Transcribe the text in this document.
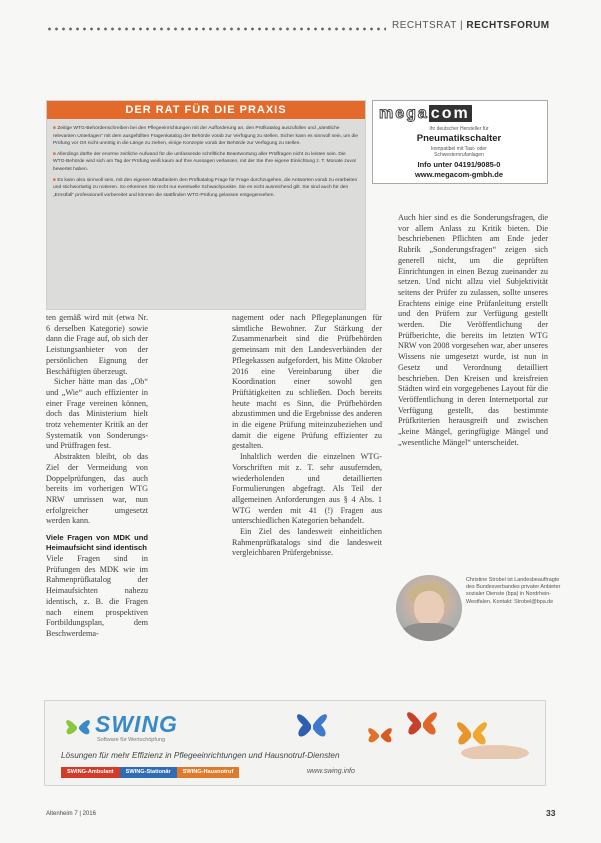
RECHTSRAT | RECHTSFORUM
DER RAT FÜR DIE PRAXIS

■ Zeitige WTG-Behördenschreiben bei den Pflegeeinrichtungen mit der Aufforderung an, den Prüfkatalog auszufüllen und „sämtliche relevanten Unterlagen“ mit dem ausgefüllten Fragenkatalog der Behörde vorab zur Verfügung zu stellen. Sicher kann es sinnvoll sein, um die Prüfung vor Ort nicht unnötig in die Länge zu ziehen, einige Konzepte vorab der Behörde zur Verfügung zu stellen.

■ Allerdings dürfte der enorme zeitliche Aufwand für die umfassende schriftliche Beantwortung aller Prüffragen nicht zu leisten sein. Die WTG-Behörde wird sich am Tag der Prüfung weiß kaum auf Ihre Aussagen verlassen, mit der Sie Ihre eigene Einrichtung z. T. Monate zuvor bewertet haben.

■ Es kann also sinnvoll sein, mit den eigenen Mitarbeitern den Prüfkatalog Frage für Frage durchzugehen, die Antworten vorab zu erarbeiten und stichwortartig zu notieren. So erkennen Sie recht nur eventuelle Schwachpunkte. Sie es nicht ausreichend gilt. Sie sind auch für den „Ernstfall“ professionell vorbereitet und können die stattfinden WTG-Prüfung gelassen entgegensehen.

mega com
Ihr deutscher Hersteller für
Pneumatikschalter
kompatibel mit Tast- oder
Schwesternrufanlagen
Info unter 04191/9085-0
www.megacom-gmbh.de

ten gemäß wird mit (etwa Nr. 6 derselben Kategorie) sowie dann die Frage auf, ob sich der Leistungsanbieter von der persönlichen Eignung der Beschäftigten überzeugt.

Sicher hätte man das „Ob“ und „Wie“ auch effizienter in einer Frage vereinen können, doch das Ministerium hielt trotz vehementer Kritik an der Systematik von Sonderungs- und Prüffragen fest.

Abstrakten bleibt, ob das Ziel der Vermeidung von Doppelprüfungen, das auch bereits im vorherigen WTG NRW umrissen war, nun erfolgreicher umgesetzt werden kann.

Viele Fragen von MDK und Heimaufsicht sind identisch

Viele Fragen sind in Prüfungen des MDK wie im Rahmenprüfkatalog der Heimaufsichten nahezu identisch, z. B. die Fragen nach einem prospektiven Fortbildungsplan, dem Beschwerdema-

nagement oder nach Pflegeplanungen für sämtliche Bewohner. Zur Stärkung der Zusammenarbeit sind die Prüfbehörden gemeinsam mit den Landesverbänden der Pflegekassen aufgefordert, bis Mitte Oktober 2016 eine Vereinbarung über die Koordination einer sowohl gen Prüftätigkeiten zu schließen. Doch bereits heute macht es Sinn, die Prüfbehörden abzustimmen und die Ergebnisse des anderen in die eigene Prüfung miteinzubeziehen und damit die eigene Prüfung effizienter zu gestalten.

Inhaltlich werden die einzelnen WTG-Vorschriften mit z. T. sehr ausufernden, wiederholenden und detaillierten Formulierungen abgefragt. Als Teil der allgemeinen Anforderungen aus § 4 Abs. 1 WTG werden mit 41 (!) Fragen aus unterschiedlichen Kategorien behandelt.

Ein Ziel des landesweit einheitlichen Rahmenprüfkatalogs sind die landesweit vergleichbaren Prüfergebnisse.

Auch hier sind es die Sonderungsfragen, die vor allem Anlass zu Kritik bieten. Die beschriebenen Pflichten am Ende jeder Rubrik „Sonderungsfragen“ zeigen sich generell nicht, um die geprüften Einrichtungen in einen Bezug zueinander zu setzen. Und nicht allzu viel Subjektivität seitens der Prüfer zu zulassen, sollte unseres Erachtens einige eine Prüfanleitung erstellt und den Prüfern zur Verfügung gestellt werden. Die Veröffentlichung der Prüfberichte, die bereits im letzten WTG NRW von 2008 vorgesehen war, aber unseres Wissens nie umgesetzt wurde, ist nun in Gesetz und Verordnung detailliert beschrieben. Den Kreisen und kreisfreien Städten wird ein vorgegebenes Layout für die Veröffentlichung in deren Internetportal zur Verfügung gestellt, das bestimmte Prüfkriterien herausgreift und zwischen „keine Mängel, geringfügige Mängel und „wesentliche Mängel“ unterscheidet.

Christine Strobel ist Landesbeauftragte des Bundesverbandes privater Anbieter sozialer Dienste (bpa) in Nordrhein-Westfalen. Kontakt: Strobel@bpa.de
SWING
Software für Wertschöpfung
Lösungen für mehr Effizienz in Pflegeeinrichtungen und Hausnotruf-Diensten
SWING-Ambulant	SWING-Stationär	SWING-Hausnotruf	www.swing.info
Altenheim 7 | 2016	33
